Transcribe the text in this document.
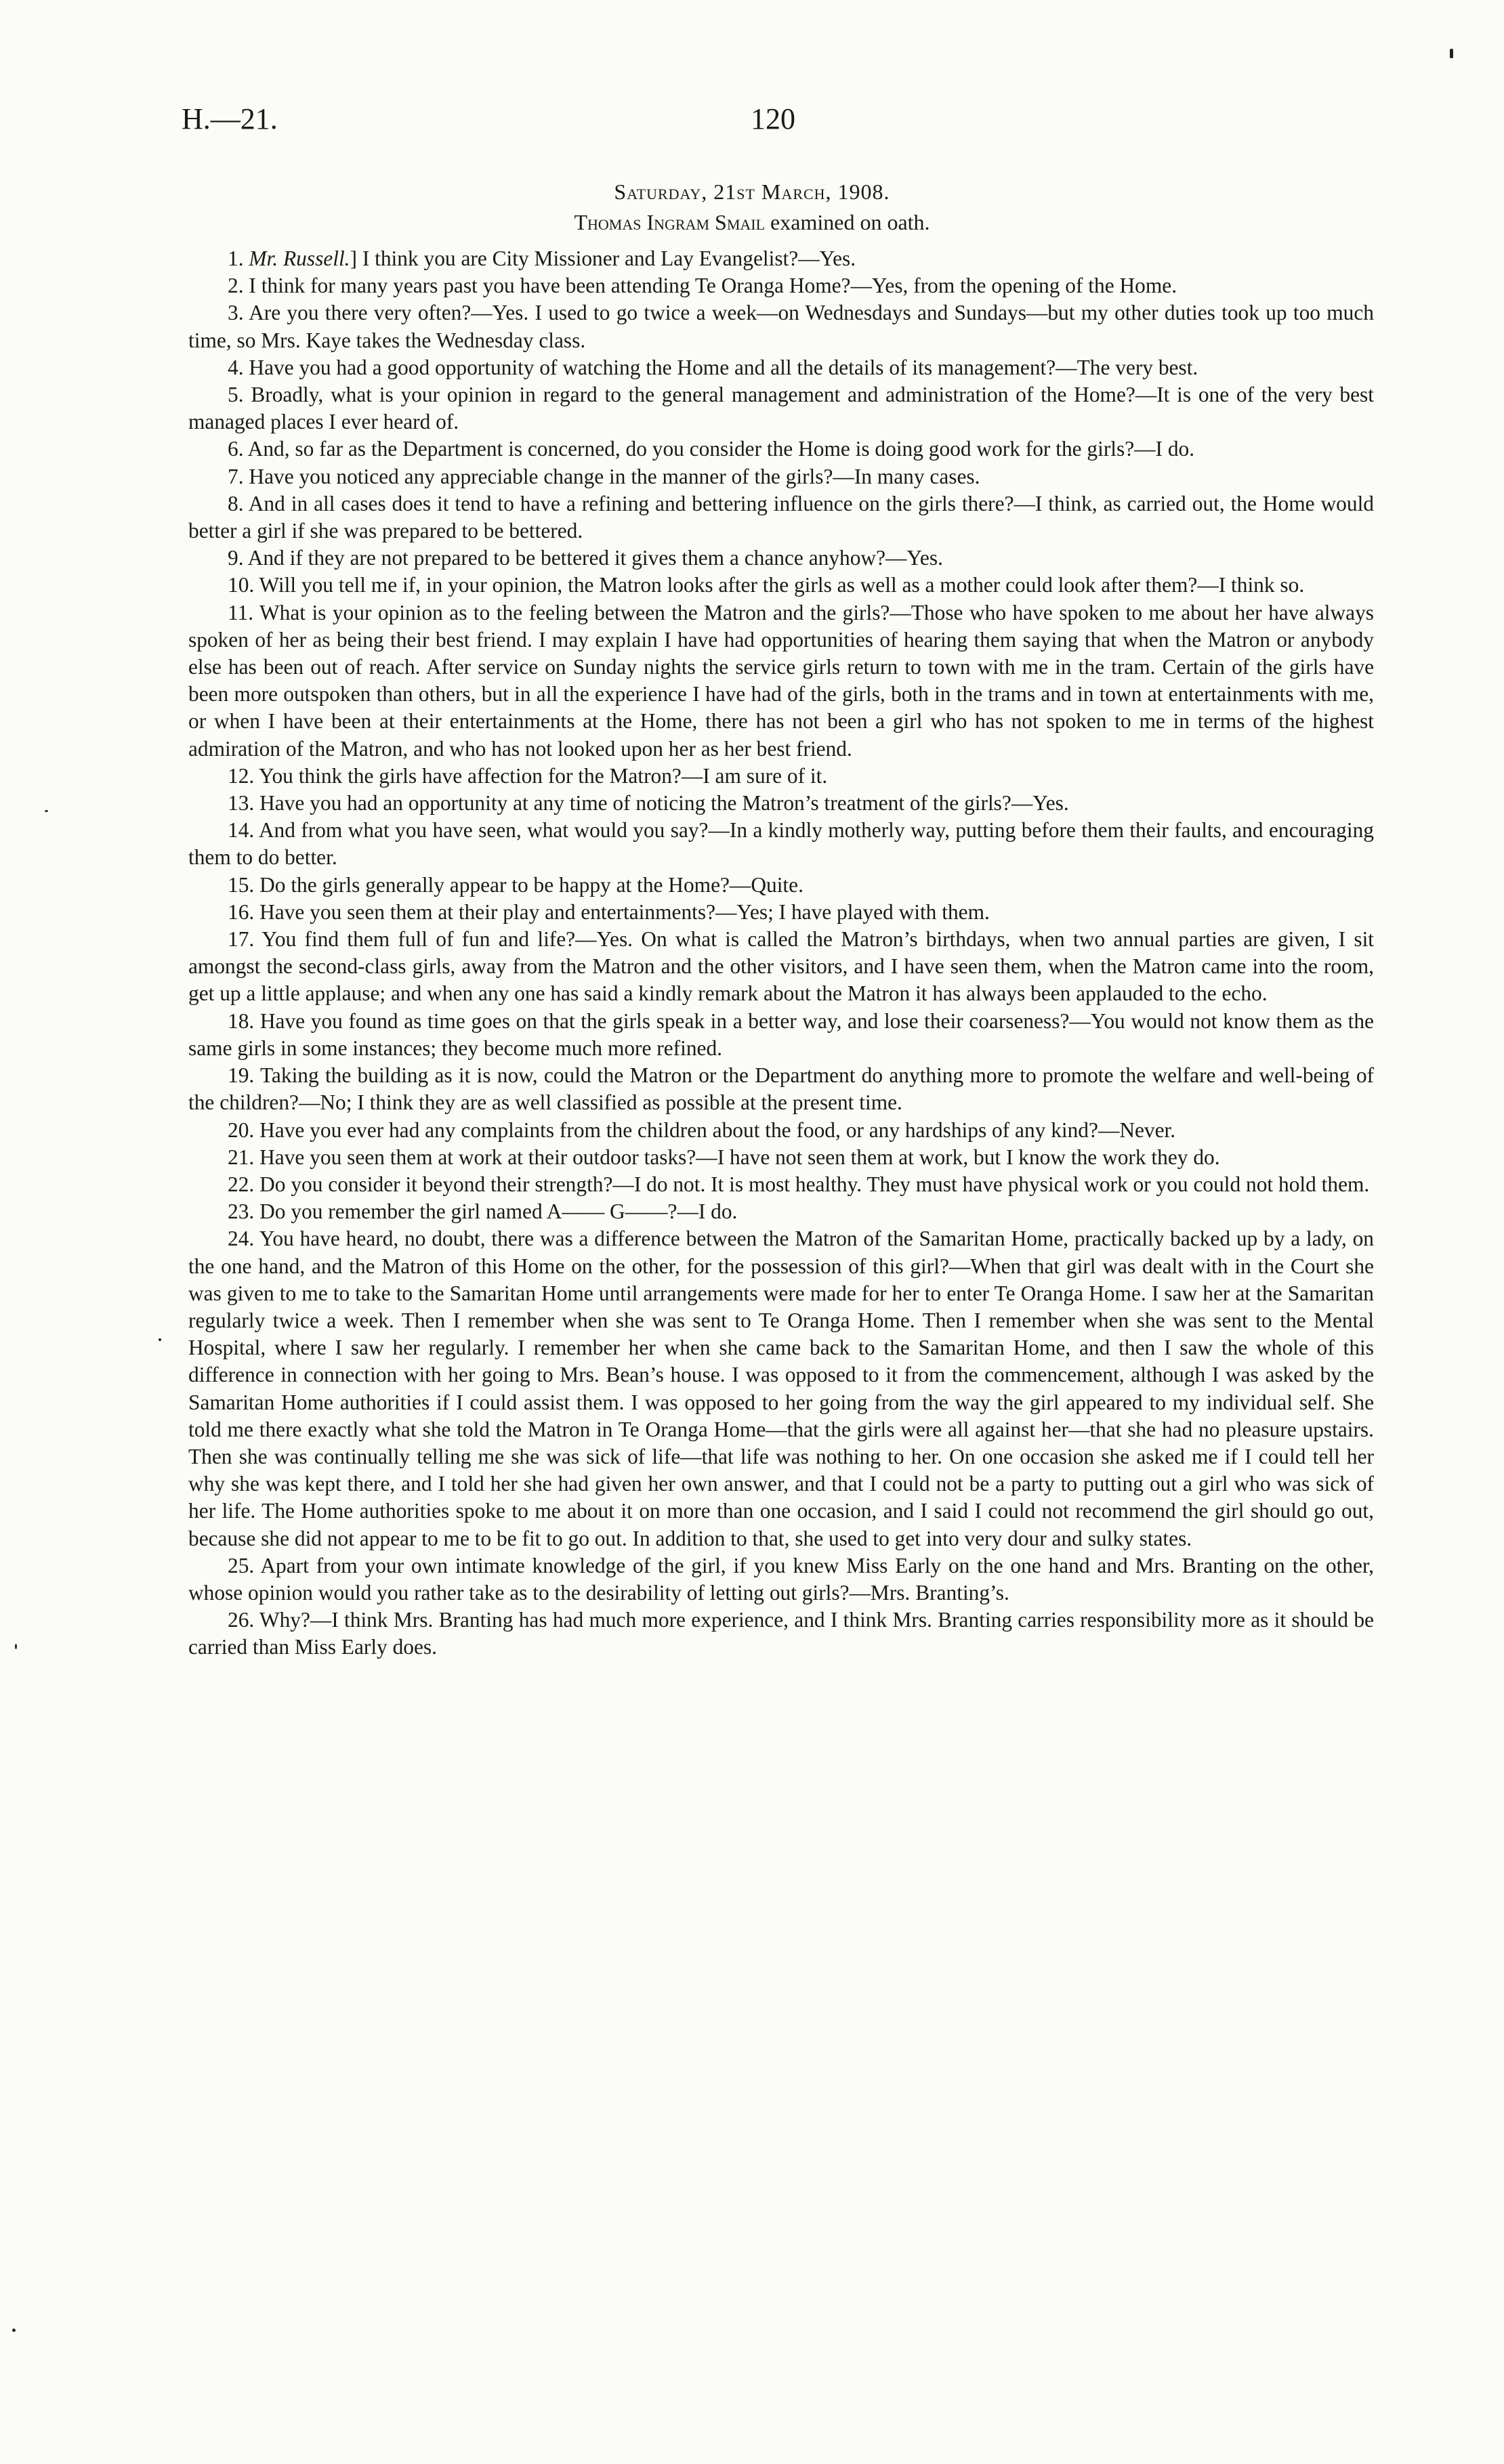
H.—21.	120
Saturday, 21st March, 1908.
Thomas Ingram Smail examined on oath.
1. Mr. Russell.] I think you are City Missioner and Lay Evangelist?—Yes.
2. I think for many years past you have been attending Te Oranga Home?—Yes, from the opening of the Home.
3. Are you there very often?—Yes. I used to go twice a week—on Wednesdays and Sundays—but my other duties took up too much time, so Mrs. Kaye takes the Wednesday class.
4. Have you had a good opportunity of watching the Home and all the details of its management?—The very best.
5. Broadly, what is your opinion in regard to the general management and administration of the Home?—It is one of the very best managed places I ever heard of.
6. And, so far as the Department is concerned, do you consider the Home is doing good work for the girls?—I do.
7. Have you noticed any appreciable change in the manner of the girls?—In many cases.
8. And in all cases does it tend to have a refining and bettering influence on the girls there?—I think, as carried out, the Home would better a girl if she was prepared to be bettered.
9. And if they are not prepared to be bettered it gives them a chance anyhow?—Yes.
10. Will you tell me if, in your opinion, the Matron looks after the girls as well as a mother could look after them?—I think so.
11. What is your opinion as to the feeling between the Matron and the girls?—Those who have spoken to me about her have always spoken of her as being their best friend. I may explain I have had opportunities of hearing them saying that when the Matron or anybody else has been out of reach. After service on Sunday nights the service girls return to town with me in the tram. Certain of the girls have been more outspoken than others, but in all the experience I have had of the girls, both in the trams and in town at entertainments with me, or when I have been at their entertainments at the Home, there has not been a girl who has not spoken to me in terms of the highest admiration of the Matron, and who has not looked upon her as her best friend.
12. You think the girls have affection for the Matron?—I am sure of it.
13. Have you had an opportunity at any time of noticing the Matron’s treatment of the girls?—Yes.
14. And from what you have seen, what would you say?—In a kindly motherly way, putting before them their faults, and encouraging them to do better.
15. Do the girls generally appear to be happy at the Home?—Quite.
16. Have you seen them at their play and entertainments?—Yes; I have played with them.
17. You find them full of fun and life?—Yes. On what is called the Matron’s birthdays, when two annual parties are given, I sit amongst the second-class girls, away from the Matron and the other visitors, and I have seen them, when the Matron came into the room, get up a little applause; and when any one has said a kindly remark about the Matron it has always been applauded to the echo.
18. Have you found as time goes on that the girls speak in a better way, and lose their coarseness?—You would not know them as the same girls in some instances; they become much more refined.
19. Taking the building as it is now, could the Matron or the Department do anything more to promote the welfare and well-being of the children?—No; I think they are as well classified as possible at the present time.
20. Have you ever had any complaints from the children about the food, or any hardships of any kind?—Never.
21. Have you seen them at work at their outdoor tasks?—I have not seen them at work, but I know the work they do.
22. Do you consider it beyond their strength?—I do not. It is most healthy. They must have physical work or you could not hold them.
23. Do you remember the girl named A—— G——?—I do.
24. You have heard, no doubt, there was a difference between the Matron of the Samaritan Home, practically backed up by a lady, on the one hand, and the Matron of this Home on the other, for the possession of this girl?—When that girl was dealt with in the Court she was given to me to take to the Samaritan Home until arrangements were made for her to enter Te Oranga Home. I saw her at the Samaritan regularly twice a week. Then I remember when she was sent to Te Oranga Home. Then I remember when she was sent to the Mental Hospital, where I saw her regularly. I remember her when she came back to the Samaritan Home, and then I saw the whole of this difference in connection with her going to Mrs. Bean’s house. I was opposed to it from the commencement, although I was asked by the Samaritan Home authorities if I could assist them. I was opposed to her going from the way the girl appeared to my individual self. She told me there exactly what she told the Matron in Te Oranga Home—that the girls were all against her—that she had no pleasure upstairs. Then she was continually telling me she was sick of life—that life was nothing to her. On one occasion she asked me if I could tell her why she was kept there, and I told her she had given her own answer, and that I could not be a party to putting out a girl who was sick of her life. The Home authorities spoke to me about it on more than one occasion, and I said I could not recommend the girl should go out, because she did not appear to me to be fit to go out. In addition to that, she used to get into very dour and sulky states.
25. Apart from your own intimate knowledge of the girl, if you knew Miss Early on the one hand and Mrs. Branting on the other, whose opinion would you rather take as to the desirability of letting out girls?—Mrs. Branting’s.
26. Why?—I think Mrs. Branting has had much more experience, and I think Mrs. Branting carries responsibility more as it should be carried than Miss Early does.
